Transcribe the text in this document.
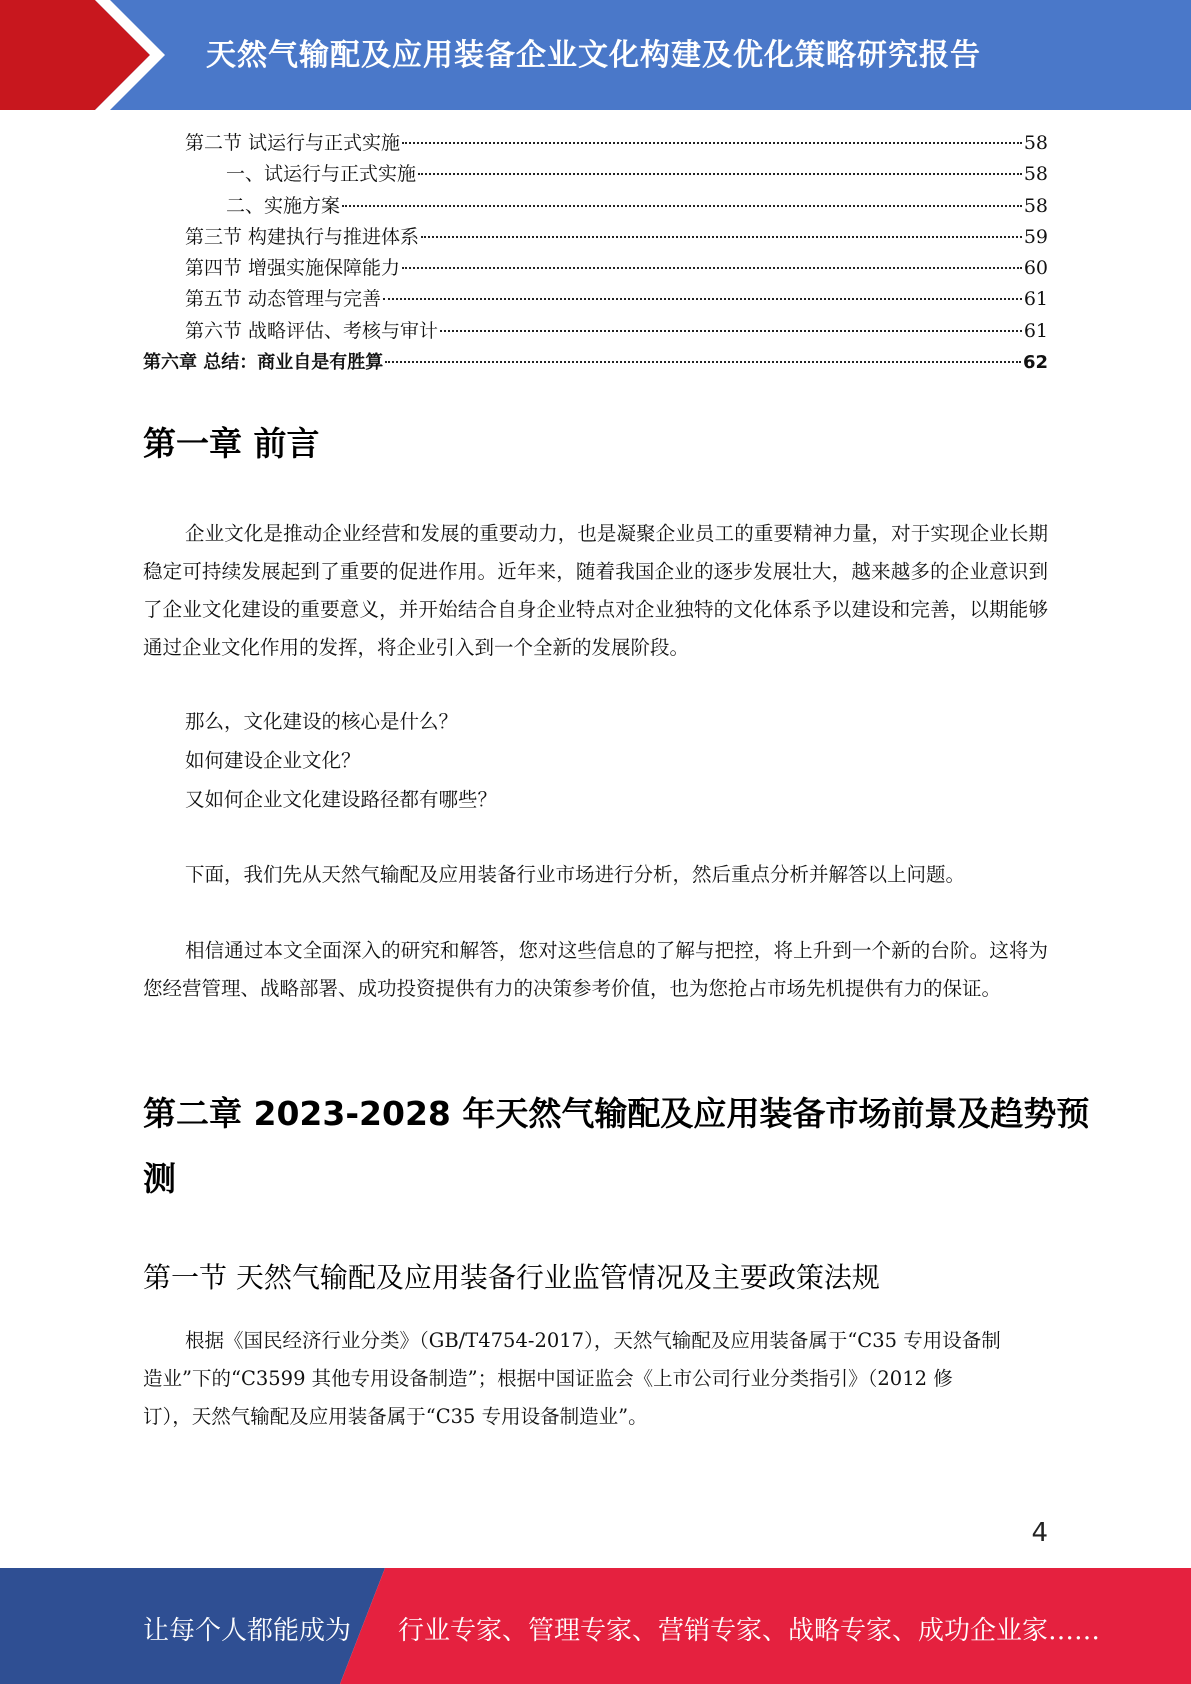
天然气输配及应用装备企业文化构建及优化策略研究报告
第二节 试运行与正式实施	58
一、试运行与正式实施	58
二、实施方案	58
第三节 构建执行与推进体系	59
第四节 增强实施保障能力	60
第五节 动态管理与完善	61
第六节 战略评估、考核与审计	61
第六章 总结：商业自是有胜算	62
第一章 前言

企业文化是推动企业经营和发展的重要动力，也是凝聚企业员工的重要精神力量，对于实现企业长期稳定可持续发展起到了重要的促进作用。近年来，随着我国企业的逐步发展壮大，越来越多的企业意识到了企业文化建设的重要意义，并开始结合自身企业特点对企业独特的文化体系予以建设和完善，以期能够通过企业文化作用的发挥，将企业引入到一个全新的发展阶段。

那么，文化建设的核心是什么？

如何建设企业文化？

又如何企业文化建设路径都有哪些？

下面，我们先从天然气输配及应用装备行业市场进行分析，然后重点分析并解答以上问题。

相信通过本文全面深入的研究和解答，您对这些信息的了解与把控，将上升到一个新的台阶。这将为您经营管理、战略部署、成功投资提供有力的决策参考价值，也为您抢占市场先机提供有力的保证。

第二章 2023-2028 年天然气输配及应用装备市场前景及趋势预
测
第一节 天然气输配及应用装备行业监管情况及主要政策法规

根据《国民经济行业分类》（GB/T4754-2017），天然气输配及应用装备属于“C35 专用设备制

造业”下的“C3599 其他专用设备制造”；根据中国证监会《上市公司行业分类指引》（2012 修

订），天然气输配及应用装备属于“C35 专用设备制造业”。

4
让每个人都能成为 行业专家、管理专家、营销专家、战略专家、成功企业家……
